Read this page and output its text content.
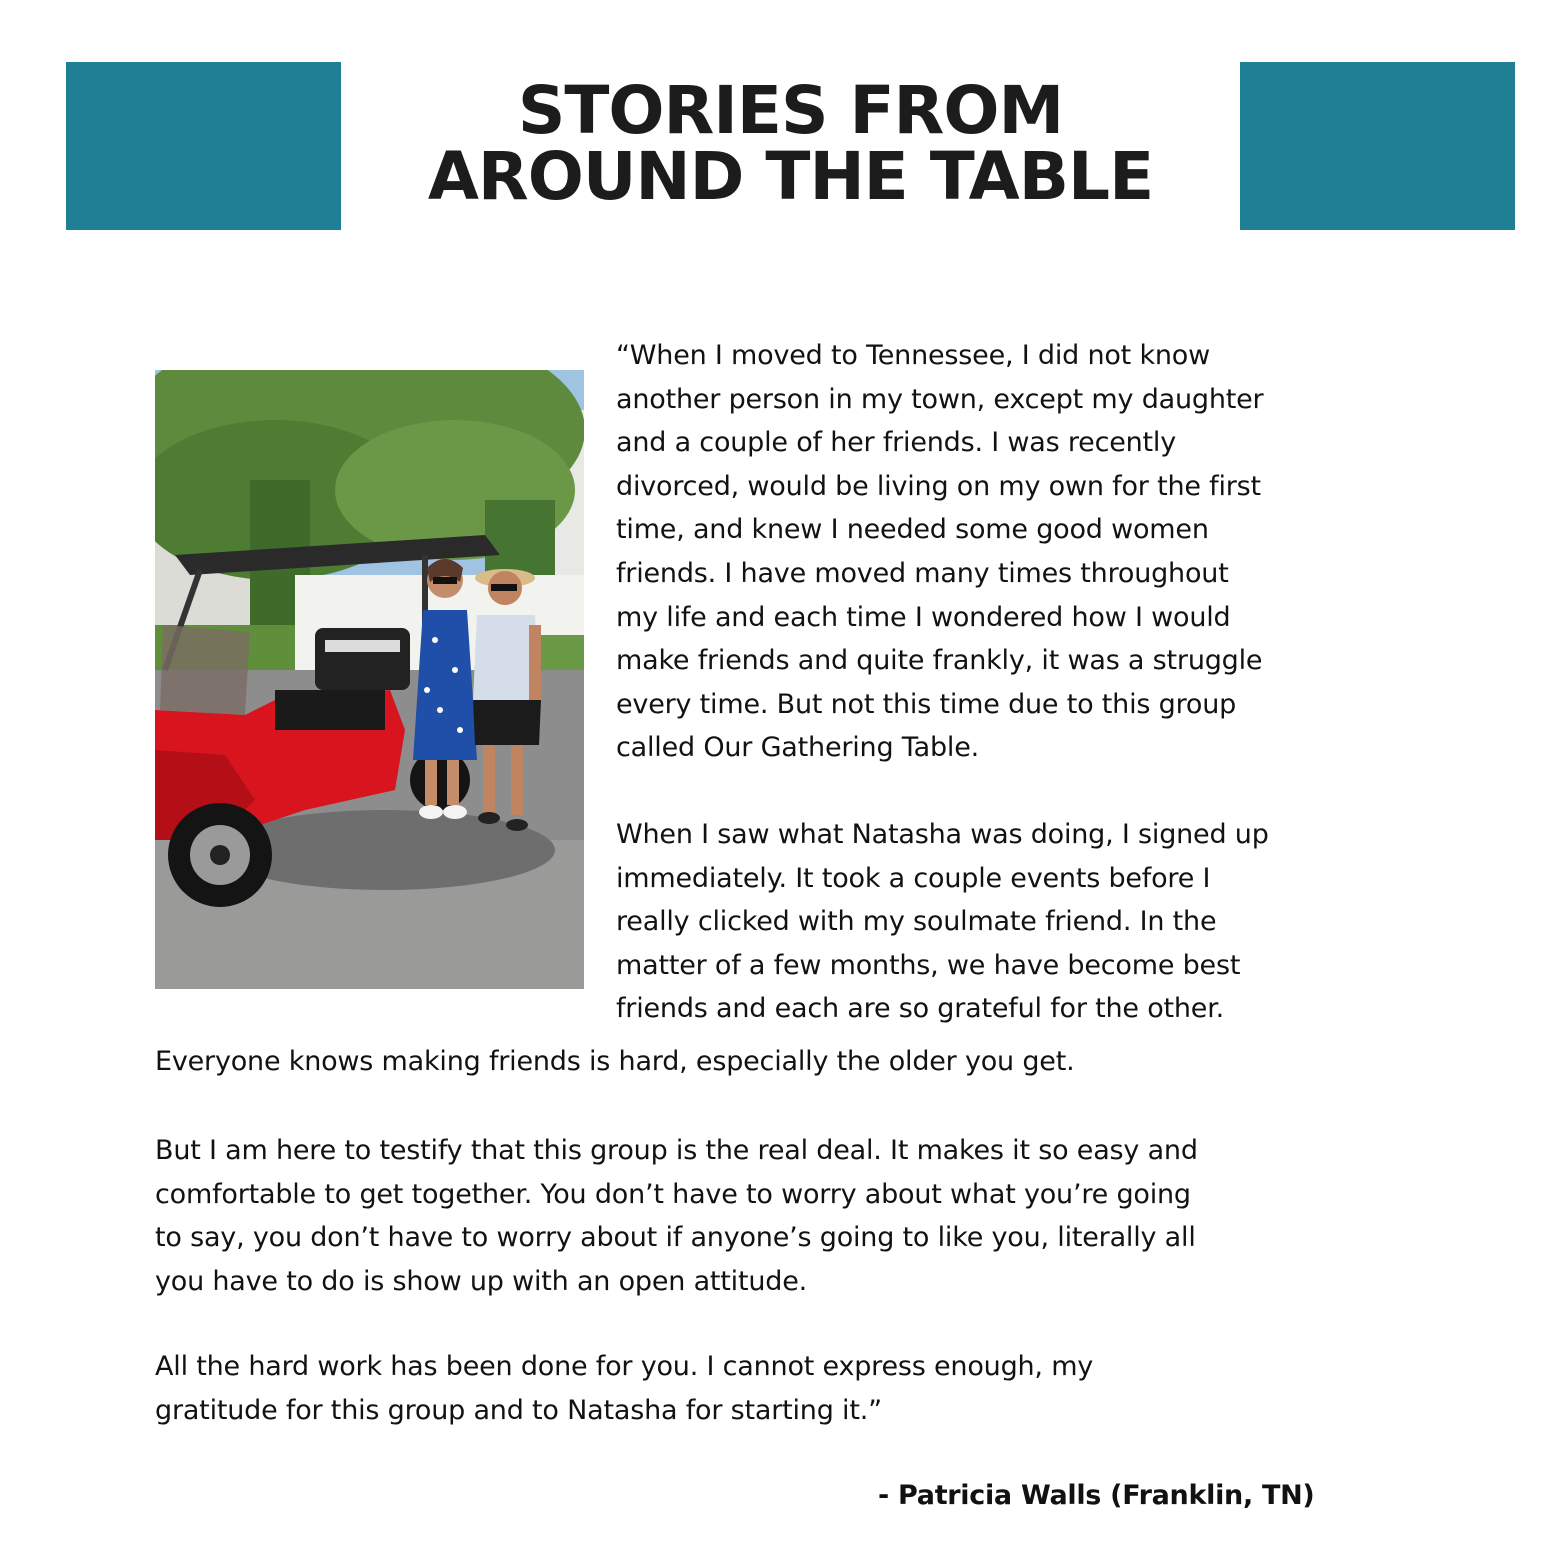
STORIES FROM
AROUND THE TABLE

“When I moved to Tennessee, I did not know
another person in my town, except my daughter
and a couple of her friends. I was recently
divorced, would be living on my own for the first
time, and knew I needed some good women
friends. I have moved many times throughout
my life and each time I wondered how I would
make friends and quite frankly, it was a struggle
every time. But not this time due to this group
called Our Gathering Table.

When I saw what Natasha was doing, I signed up
immediately. It took a couple events before I
really clicked with my soulmate friend. In the
matter of a few months, we have become best
friends and each are so grateful for the other.

Everyone knows making friends is hard, especially the older you get.

But I am here to testify that this group is the real deal. It makes it so easy and
comfortable to get together. You don’t have to worry about what you’re going
to say, you don’t have to worry about if anyone’s going to like you, literally all
you have to do is show up with an open attitude.

All the hard work has been done for you. I cannot express enough, my
gratitude for this group and to Natasha for starting it.”

- Patricia Walls (Franklin, TN)
